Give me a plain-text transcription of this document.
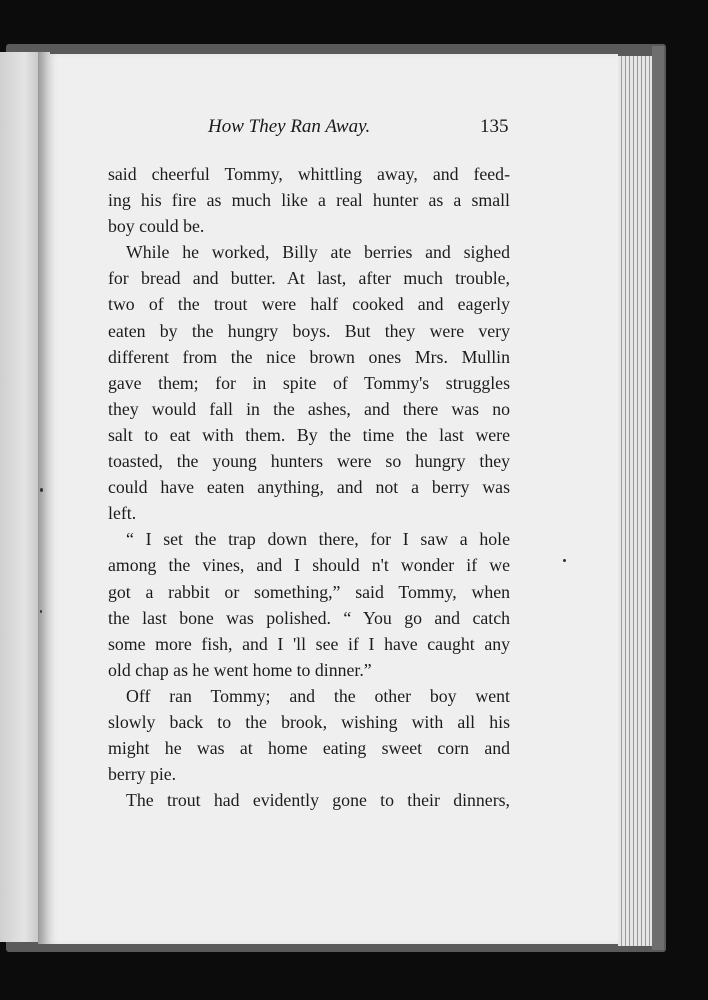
How They Ran Away.	135
said cheerful Tommy, whittling away, and feed-
ing his fire as much like a real hunter as a small
boy could be.
While he worked, Billy ate berries and sighed
for bread and butter. At last, after much trouble,
two of the trout were half cooked and eagerly
eaten by the hungry boys. But they were very
different from the nice brown ones Mrs. Mullin
gave them; for in spite of Tommy's struggles
they would fall in the ashes, and there was no
salt to eat with them. By the time the last were
toasted, the young hunters were so hungry they
could have eaten anything, and not a berry was
left.
“ I set the trap down there, for I saw a hole
among the vines, and I should n't wonder if we
got a rabbit or something,” said Tommy, when
the last bone was polished. “ You go and catch
some more fish, and I 'll see if I have caught any
old chap as he went home to dinner.”
Off ran Tommy; and the other boy went
slowly back to the brook, wishing with all his
might he was at home eating sweet corn and
berry pie.
The trout had evidently gone to their dinners,
